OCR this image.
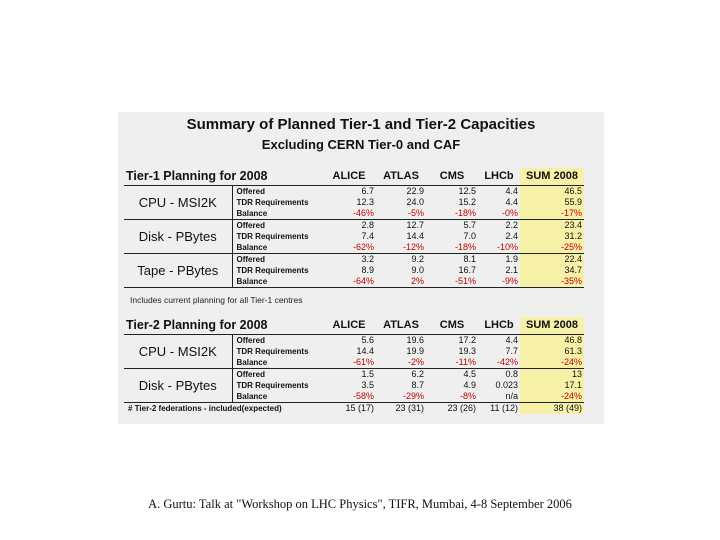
Summary of Planned Tier-1 and Tier-2 Capacities
Excluding CERN Tier-0 and CAF
Tier-1 Planning for 2008		ALICE	ATLAS	CMS	LHCb	SUM 2008
CPU - MSI2K	Offered	6.7	22.9	12.5	4.4	46.5
	TDR Requirements	12.3	24.0	15.2	4.4	55.9
	Balance	-46%	-5%	-18%	-0%	-17%
Disk - PBytes	Offered	2.8	12.7	5.7	2.2	23.4
	TDR Requirements	7.4	14.4	7.0	2.4	31.2
	Balance	-62%	-12%	-18%	-10%	-25%
Tape - PBytes	Offered	3.2	9.2	8.1	1.9	22.4
	TDR Requirements	8.9	9.0	16.7	2.1	34.7
	Balance	-64%	2%	-51%	-9%	-35%
Includes current planning for all Tier-1 centres
Tier-2 Planning for 2008		ALICE	ATLAS	CMS	LHCb	SUM 2008
CPU - MSI2K	Offered	5.6	19.6	17.2	4.4	46.8
	TDR Requirements	14.4	19.9	19.3	7.7	61.3
	Balance	-61%	-2%	-11%	-42%	-24%
Disk - PBytes	Offered	1.5	6.2	4.5	0.8	13
	TDR Requirements	3.5	8.7	4.9	0.023	17.1
	Balance	-58%	-29%	-8%	n/a	-24%
# Tier-2 federations - included(expected)		15 (17)	23 (31)	23 (26)	11 (12)	38 (49)
A. Gurtu: Talk at "Workshop on LHC Physics", TIFR, Mumbai, 4-8 September 2006
